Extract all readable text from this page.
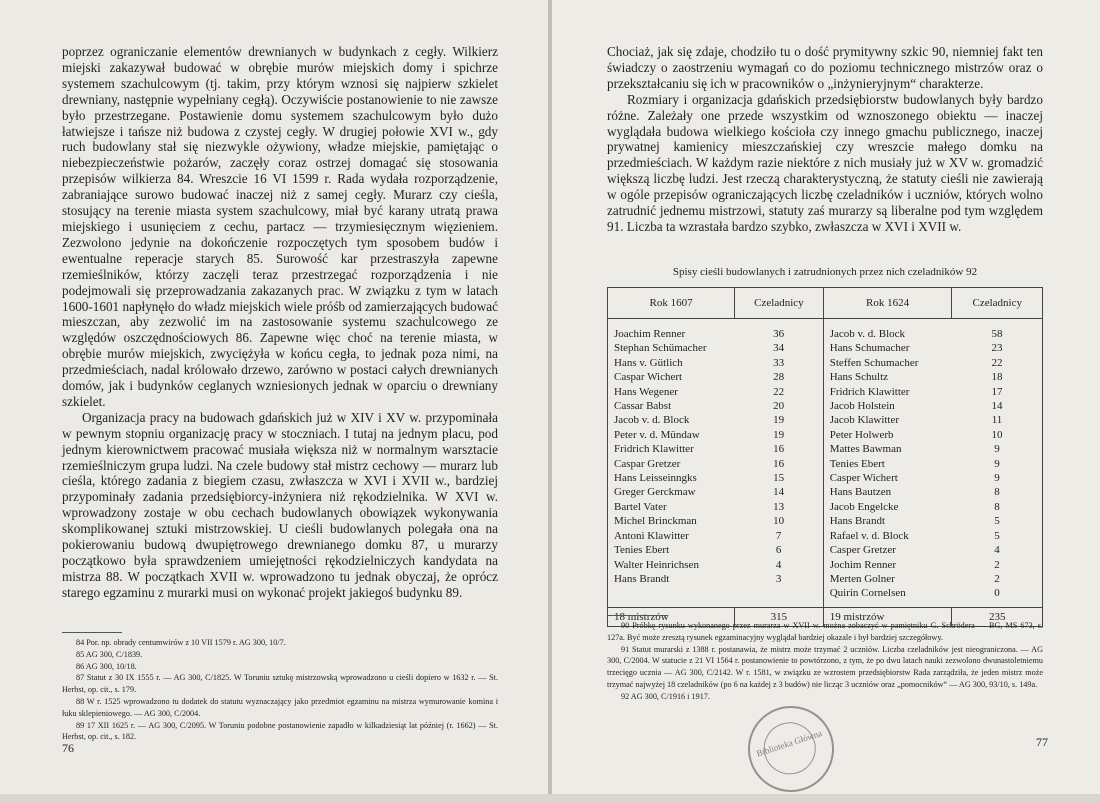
poprzez ograniczanie elementów drewnianych w budynkach z cegły. Wilkierz miejski zakazywał budować w obrębie murów miejskich domy i spichrze systemem szachulcowym (tj. takim, przy którym wznosi się najpierw szkielet drewniany, następnie wypełniany cegłą). Oczywiście postanowienie to nie zawsze było przestrzegane. Postawienie domu systemem szachulcowym było dużo łatwiejsze i tańsze niż budowa z czystej cegły. W drugiej połowie XVI w., gdy ruch budowlany stał się niezwykle ożywiony, władze miejskie, pamiętając o niebezpieczeństwie pożarów, zaczęły coraz ostrzej domagać się stosowania przepisów wilkierza 84. Wreszcie 16 VI 1599 r. Rada wydała rozporządzenie, zabraniające surowo budować inaczej niż z samej cegły. Murarz czy cieśla, stosujący na terenie miasta system szachulcowy, miał być karany utratą prawa miejskiego i usunięciem z cechu, partacz — trzymiesięcznym więzieniem. Zezwolono jedynie na dokończenie rozpoczętych tym sposobem budów i ewentualne reperacje starych 85. Surowość kar przestraszyła zapewne rzemieślników, którzy zaczęli teraz przestrzegać rozporządzenia i nie podejmowali się przeprowadzania zakazanych prac. W związku z tym w latach 1600-1601 napłynęło do władz miejskich wiele próśb od zamierzających budować mieszczan, aby zezwolić im na zastosowanie systemu szachulcowego ze względów oszczędnościowych 86. Zapewne więc choć na terenie miasta, w obrębie murów miejskich, zwyciężyła w końcu cegła, to jednak poza nimi, na przedmieściach, nadal królowało drzewo, zarówno w postaci całych drewnianych domów, jak i budynków ceglanych wzniesionych jednak w oparciu o drewniany szkielet.

Organizacja pracy na budowach gdańskich już w XIV i XV w. przypominała w pewnym stopniu organizację pracy w stoczniach. I tutaj na jednym placu, pod jednym kierownictwem pracować musiała większa niż w normalnym warsztacie rzemieślniczym grupa ludzi. Na czele budowy stał mistrz cechowy — murarz lub cieśla, którego zadania z biegiem czasu, zwłaszcza w XVI i XVII w., bardziej przypominały zadania przedsiębiorcy-inżyniera niż rękodzielnika. W XVI w. wprowadzony zostaje w obu cechach budowlanych obowiązek wykonywania skomplikowanej sztuki mistrzowskiej. U cieśli budowlanych polegała ona na pokierowaniu budową dwupiętrowego drewnianego domku 87, u murarzy początkowo była sprawdzeniem umiejętności rękodzielniczych kandydata na mistrza 88. W początkach XVII w. wprowadzono tu jednak obyczaj, że oprócz starego egzaminu z murarki musi on wykonać projekt jakiegoś budynku 89.

84 Por. np. obrady centumwirów z 10 VII 1579 r. AG 300, 10/7.

85 AG 300, C/1839.

86 AG 300, 10/18.

87 Statut z 30 IX 1555 r. — AG 300, C/1825. W Toruniu sztukę mistrzowską wprowadzono u cieśli dopiero w 1632 r. — St. Herbst, op. cit., s. 179.

88 W r. 1525 wprowadzono tu dodatek do statutu wyznaczający jako przedmiot egzaminu na mistrza wymurowanie komina i łuku sklepieniowego. — AG 300, C/2004.

89 17 XII 1625 r. — AG 300, C/2095. W Toruniu podobne postanowienie zapadło w kilkadziesiąt lat później (r. 1662) — St. Herbst, op. cit., s. 182.

76

Chociaż, jak się zdaje, chodziło tu o dość prymitywny szkic 90, niemniej fakt ten świadczy o zaostrzeniu wymagań co do poziomu technicznego mistrzów oraz o przekształcaniu się ich w pracowników o „inżynieryjnym“ charakterze.

Rozmiary i organizacja gdańskich przedsiębiorstw budowlanych były bardzo różne. Zależały one przede wszystkim od wznoszonego obiektu — inaczej wyglądała budowa wielkiego kościoła czy innego gmachu publicznego, inaczej prywatnej kamienicy mieszczańskiej czy wreszcie małego domku na przedmieściach. W każdym razie niektóre z nich musiały już w XV w. gromadzić większą liczbę ludzi. Jest rzeczą charakterystyczną, że statuty cieśli nie zawierają w ogóle przepisów ograniczających liczbę czeladników i uczniów, których wolno zatrudnić jednemu mistrzowi, statuty zaś murarzy są liberalne pod tym względem 91. Liczba ta wzrastała bardzo szybko, zwłaszcza w XVI i XVII w.

Spisy cieśli budowlanych i zatrudnionych przez nich czeladników 92
Rok 1607	Czeladnicy	Rok 1624	Czeladnicy
Joachim Renner	36	Jacob v. d. Block	58
Stephan Schümacher	34	Hans Schumacher	23
Hans v. Gütlich	33	Steffen Schumacher	22
Caspar Wichert	28	Hans Schultz	18
Hans Wegener	22	Fridrich Klawitter	17
Cassar Babst	20	Jacob Holstein	14
Jacob v. d. Block	19	Jacob Klawitter	11
Peter v. d. Mündaw	19	Peter Holwerb	10
Fridrich Klawitter	16	Mattes Bawman	9
Caspar Gretzer	16	Tenies Ebert	9
Hans Leisseinngks	15	Casper Wichert	9
Greger Gerckmaw	14	Hans Bautzen	8
Bartel Vater	13	Jacob Engelcke	8
Michel Brinckman	10	Hans Brandt	5
Antoni Klawitter	7	Rafael v. d. Block	5
Tenies Ebert	6	Casper Gretzer	4
Walter Heinrichsen	4	Jochim Renner	2
Hans Brandt	3	Merten Golner	2
		Quirin Cornelsen	0
18 mistrzów	315	19 mistrzów	235

90 Próbkę rysunku wykonanego przez murarza w XVII w. można zobaczyć w pamiętniku G. Schrödera — BG, MS 673, s. 127a. Być może zresztą rysunek egzaminacyjny wyglądał bardziej okazale i był bardziej szczegółowy.

91 Statut murarski z 1388 r. postanawia, że mistrz może trzymać 2 uczniów. Liczba czeladników jest nieograniczona. — AG 300, C/2004. W statucie z 21 VI 1564 r. postanowienie to powtórzono, z tym, że po dwu latach nauki zezwolono dwunastoletniemu trzecięgo ucznia — AG 300, C/2142. W r. 1581, w związku ze wzrostem przedsiębiorstw Rada zarządziła, że jeden mistrz może trzymać najwyżej 18 czeladników (po 6 na każdej z 3 budów) nie licząc 3 uczniów oraz „pomocników“ — AG 300, 93/10, s. 149a.

92 AG 300, C/1916 i 1917.

77
Biblioteka Główna
